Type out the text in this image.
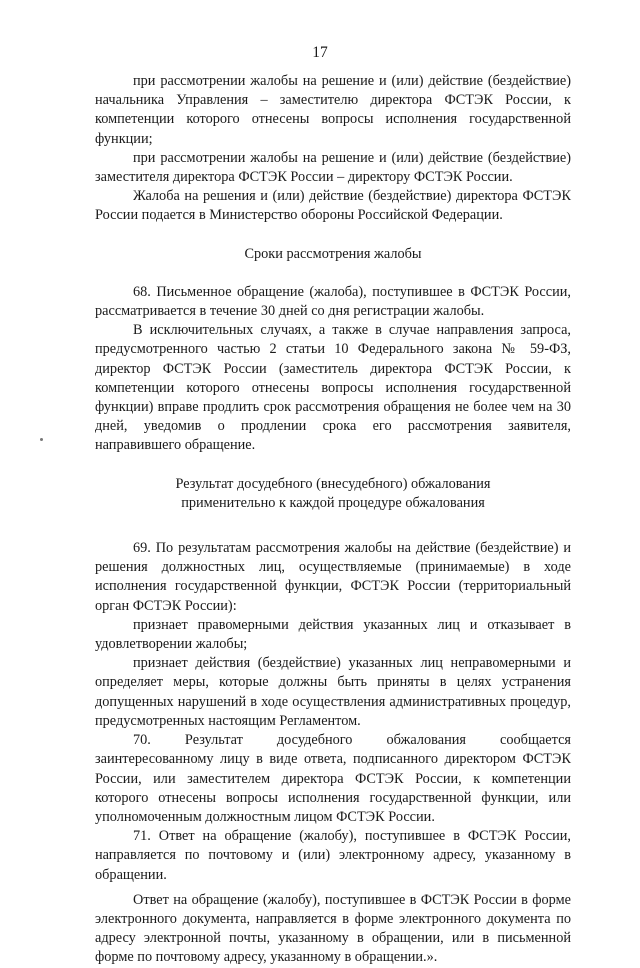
17

при рассмотрении жалобы на решение и (или) действие (бездействие) начальника Управления – заместителю директора ФСТЭК России, к компетенции которого отнесены вопросы исполнения государственной функции;

при рассмотрении жалобы на решение и (или) действие (бездействие) заместителя директора ФСТЭК России – директору ФСТЭК России.

Жалоба на решения и (или) действие (бездействие) директора ФСТЭК России подается в Министерство обороны Российской Федерации.

Сроки рассмотрения жалобы

68. Письменное обращение (жалоба), поступившее в ФСТЭК России, рассматривается в течение 30 дней со дня регистрации жалобы.

В исключительных случаях, а также в случае направления запроса, предусмотренного частью 2 статьи 10 Федерального закона № 59-ФЗ, директор ФСТЭК России (заместитель директора ФСТЭК России, к компетенции которого отнесены вопросы исполнения государственной функции) вправе продлить срок рассмотрения обращения не более чем на 30 дней, уведомив о продлении срока его рассмотрения заявителя, направившего обращение.

Результат досудебного (внесудебного) обжалования
применительно к каждой процедуре обжалования

69. По результатам рассмотрения жалобы на действие (бездействие) и решения должностных лиц, осуществляемые (принимаемые) в ходе исполнения государственной функции, ФСТЭК России (территориальный орган ФСТЭК России):

признает правомерными действия указанных лиц и отказывает в удовлетворении жалобы;

признает действия (бездействие) указанных лиц неправомерными и определяет меры, которые должны быть приняты в целях устранения допущенных нарушений в ходе осуществления административных процедур, предусмотренных настоящим Регламентом.

70. Результат досудебного обжалования сообщается заинтересованному лицу в виде ответа, подписанного директором ФСТЭК России, или заместителем директора ФСТЭК России, к компетенции которого отнесены вопросы исполнения государственной функции, или уполномоченным должностным лицом ФСТЭК России.

71. Ответ на обращение (жалобу), поступившее в ФСТЭК России, направляется по почтовому и (или) электронному адресу, указанному в обращении.

Ответ на обращение (жалобу), поступившее в ФСТЭК России в форме электронного документа, направляется в форме электронного документа по адресу электронной почты, указанному в обращении, или в письменной форме по почтовому адресу, указанному в обращении.».
